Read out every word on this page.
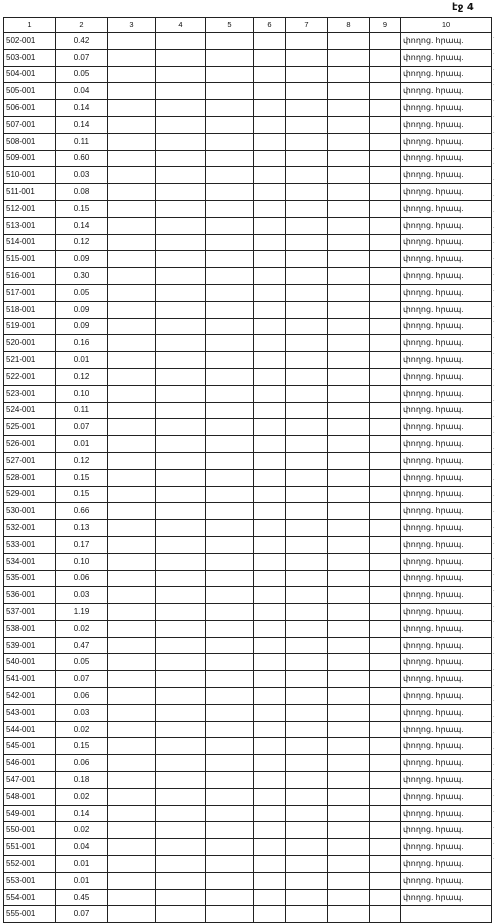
էջ 4
1	2	3	4	5	6	7	8	9	10
502-001	0.42								փողոց. հրապ.
503-001	0.07								փողոց. հրապ.
504-001	0.05								փողոց. հրապ.
505-001	0.04								փողոց. հրապ.
506-001	0.14								փողոց. հրապ.
507-001	0.14								փողոց. հրապ.
508-001	0.11								փողոց. հրապ.
509-001	0.60								փողոց. հրապ.
510-001	0.03								փողոց. հրապ.
511-001	0.08								փողոց. հրապ.
512-001	0.15								փողոց. հրապ.
513-001	0.14								փողոց. հրապ.
514-001	0.12								փողոց. հրապ.
515-001	0.09								փողոց. հրապ.
516-001	0.30								փողոց. հրապ.
517-001	0.05								փողոց. հրապ.
518-001	0.09								փողոց. հրապ.
519-001	0.09								փողոց. հրապ.
520-001	0.16								փողոց. հրապ.
521-001	0.01								փողոց. հրապ.
522-001	0.12								փողոց. հրապ.
523-001	0.10								փողոց. հրապ.
524-001	0.11								փողոց. հրապ.
525-001	0.07								փողոց. հրապ.
526-001	0.01								փողոց. հրապ.
527-001	0.12								փողոց. հրապ.
528-001	0.15								փողոց. հրապ.
529-001	0.15								փողոց. հրապ.
530-001	0.66								փողոց. հրապ.
532-001	0.13								փողոց. հրապ.
533-001	0.17								փողոց. հրապ.
534-001	0.10								փողոց. հրապ.
535-001	0.06								փողոց. հրապ.
536-001	0.03								փողոց. հրապ.
537-001	1.19								փողոց. հրապ.
538-001	0.02								փողոց. հրապ.
539-001	0.47								փողոց. հրապ.
540-001	0.05								փողոց. հրապ.
541-001	0.07								փողոց. հրապ.
542-001	0.06								փողոց. հրապ.
543-001	0.03								փողոց. հրապ.
544-001	0.02								փողոց. հրապ.
545-001	0.15								փողոց. հրապ.
546-001	0.06								փողոց. հրապ.
547-001	0.18								փողոց. հրապ.
548-001	0.02								փողոց. հրապ.
549-001	0.14								փողոց. հրապ.
550-001	0.02								փողոց. հրապ.
551-001	0.04								փողոց. հրապ.
552-001	0.01								փողոց. հրապ.
553-001	0.01								փողոց. հրապ.
554-001	0.45								փողոց. հրապ.
555-001	0.07								
·
·
·
·
·
·
·
·
·
·
·
·
·
·
·
·
·
·
·
·
·
·
·
·
·
·
·
·
·
·
·
·
·
·
·
·
·
·
·
·
·
·
·
·
·
·
·
·
·
·
·
·
·
